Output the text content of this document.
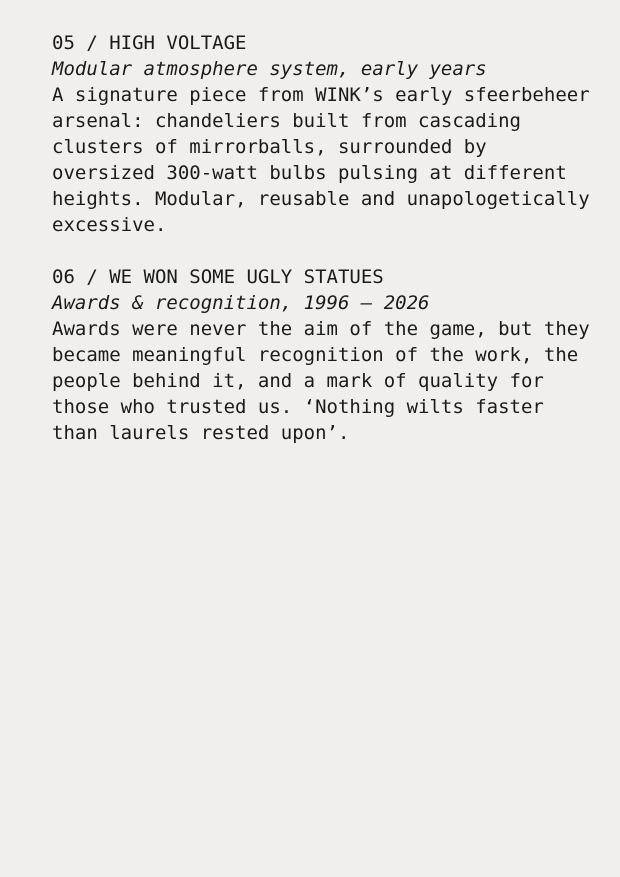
05 / HIGH VOLTAGE

Modular atmosphere system, early years

A signature piece from WINK’s early sfeerbeheer arsenal: chandeliers built from cascading clusters of mirrorballs, surrounded by oversized 300-watt bulbs pulsing at different heights. Modular, reusable and unapologetically excessive.

06 / WE WON SOME UGLY STATUES

Awards & recognition, 1996 – 2026

Awards were never the aim of the game, but they became meaningful recognition of the work, the people behind it, and a mark of quality for those who trusted us. ‘Nothing wilts faster than laurels rested upon’.
